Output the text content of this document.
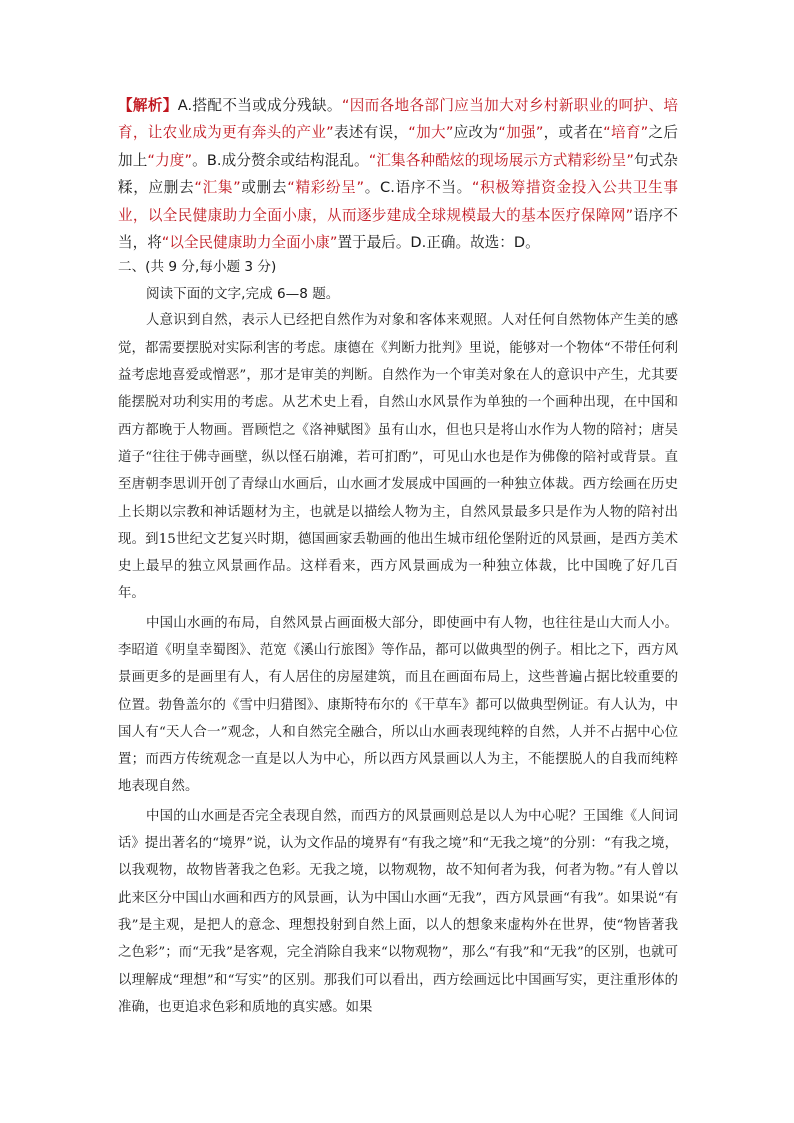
【解析】A.搭配不当或成分残缺。“因而各地各部门应当加大对乡村新职业的呵护、培育，让农业成为更有奔头的产业”表述有误，“加大”应改为“加强”，或者在“培育”之后加上“力度”。B.成分赘余或结构混乱。“汇集各种酷炫的现场展示方式精彩纷呈”句式杂糅，应删去“汇集”或删去“精彩纷呈”。C.语序不当。“积极筹措资金投入公共卫生事业，以全民健康助力全面小康，从而逐步建成全球规模最大的基本医疗保障网”语序不当，将“以全民健康助力全面小康”置于最后。D.正确。故选：D。
二、(共 9 分,每小题 3 分)
阅读下面的文字,完成 6—8 题。

人意识到自然，表示人已经把自然作为对象和客体来观照。人对任何自然物体产生美的感觉，都需要摆脱对实际利害的考虑。康德在《判断力批判》里说，能够对一个物体“不带任何利益考虑地喜爱或憎恶”，那才是审美的判断。自然作为一个审美对象在人的意识中产生，尤其要能摆脱对功利实用的考虑。从艺术史上看，自然山水风景作为单独的一个画种出现，在中国和西方都晚于人物画。晋顾恺之《洛神赋图》虽有山水，但也只是将山水作为人物的陪衬；唐吴道子“往往于佛寺画壁，纵以怪石崩滩，若可扪酌”，可见山水也是作为佛像的陪衬或背景。直至唐朝李思训开创了青绿山水画后，山水画才发展成中国画的一种独立体裁。西方绘画在历史上长期以宗教和神话题材为主，也就是以描绘人物为主，自然风景最多只是作为人物的陪衬出现。到15世纪文艺复兴时期，德国画家丢勒画的他出生城市纽伦堡附近的风景画，是西方美术史上最早的独立风景画作品。这样看来，西方风景画成为一种独立体裁，比中国晚了好几百年。

中国山水画的布局，自然风景占画面极大部分，即使画中有人物，也往往是山大而人小。李昭道《明皇幸蜀图》、范宽《溪山行旅图》等作品，都可以做典型的例子。相比之下，西方风景画更多的是画里有人，有人居住的房屋建筑，而且在画面布局上，这些普遍占据比较重要的位置。勃鲁盖尔的《雪中归猎图》、康斯特布尔的《干草车》都可以做典型例证。有人认为，中国人有“天人合一”观念，人和自然完全融合，所以山水画表现纯粹的自然，人并不占据中心位置；而西方传统观念一直是以人为中心，所以西方风景画以人为主，不能摆脱人的自我而纯粹地表现自然。

中国的山水画是否完全表现自然，而西方的风景画则总是以人为中心呢？王国维《人间词话》提出著名的“境界”说，认为文作品的境界有“有我之境”和“无我之境”的分别：“有我之境，以我观物，故物皆著我之色彩。无我之境，以物观物，故不知何者为我，何者为物。”有人曾以此来区分中国山水画和西方的风景画，认为中国山水画“无我”，西方风景画“有我”。如果说“有我”是主观，是把人的意念、理想投射到自然上面，以人的想象来虚构外在世界，使“物皆著我之色彩”；而“无我”是客观，完全消除自我来“以物观物”，那么“有我”和“无我”的区别，也就可以理解成“理想”和“写实”的区别。那我们可以看出，西方绘画远比中国画写实，更注重形体的准确，也更追求色彩和质地的真实感。如果
